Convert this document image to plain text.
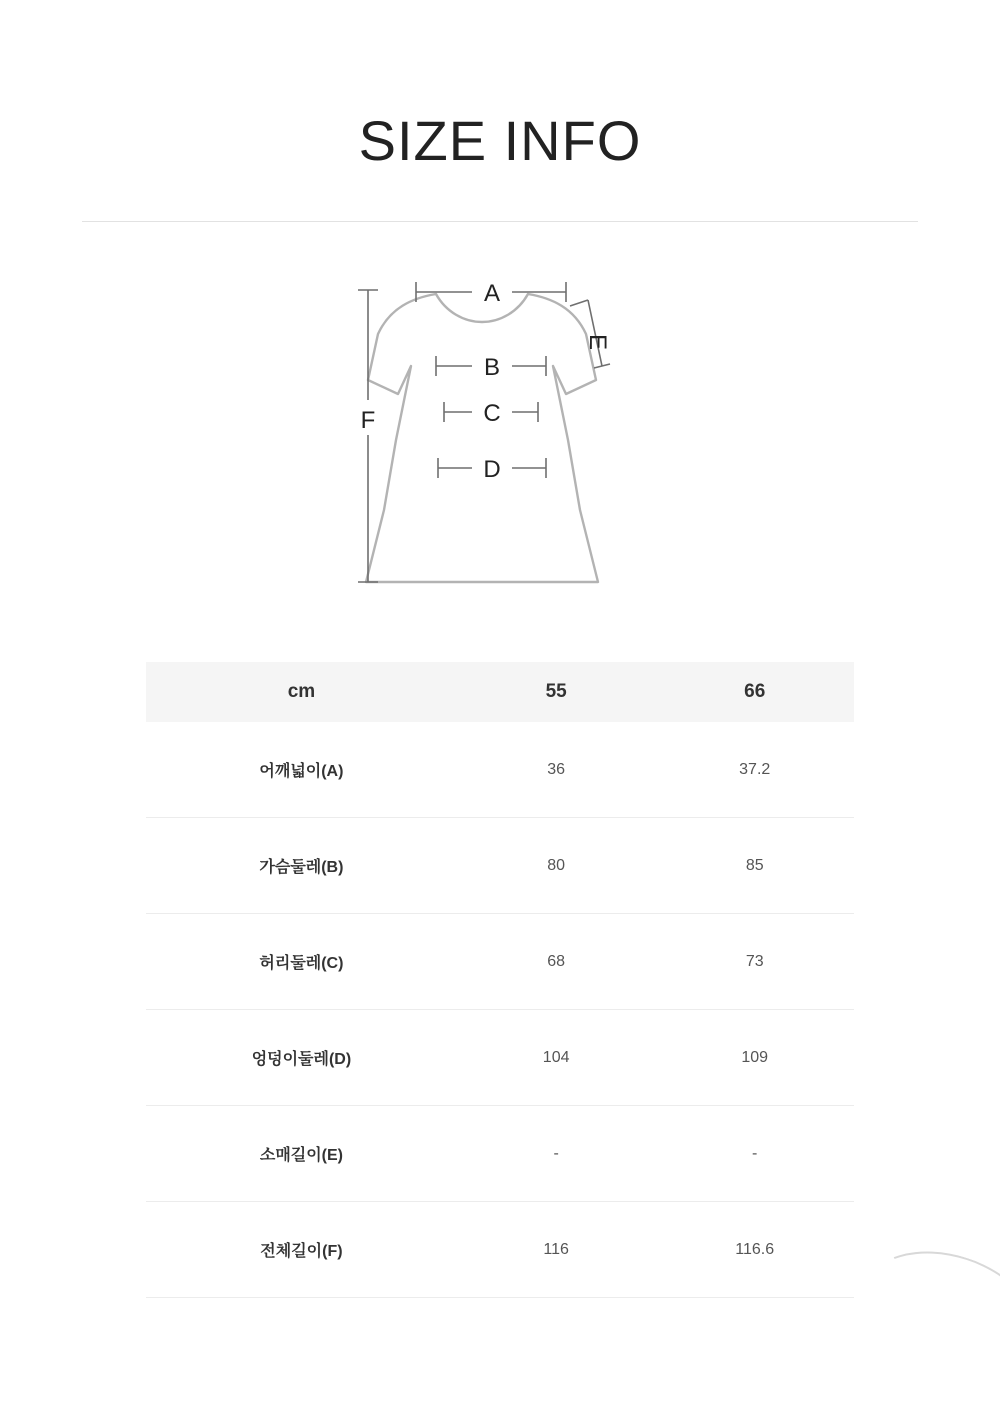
SIZE INFO
A
E
B
C
D
F
cm	55	66
어깨넓이(A)	36	37.2
가슴둘레(B)	80	85
허리둘레(C)	68	73
엉덩이둘레(D)	104	109
소매길이(E)	-	-
전체길이(F)	116	116.6
